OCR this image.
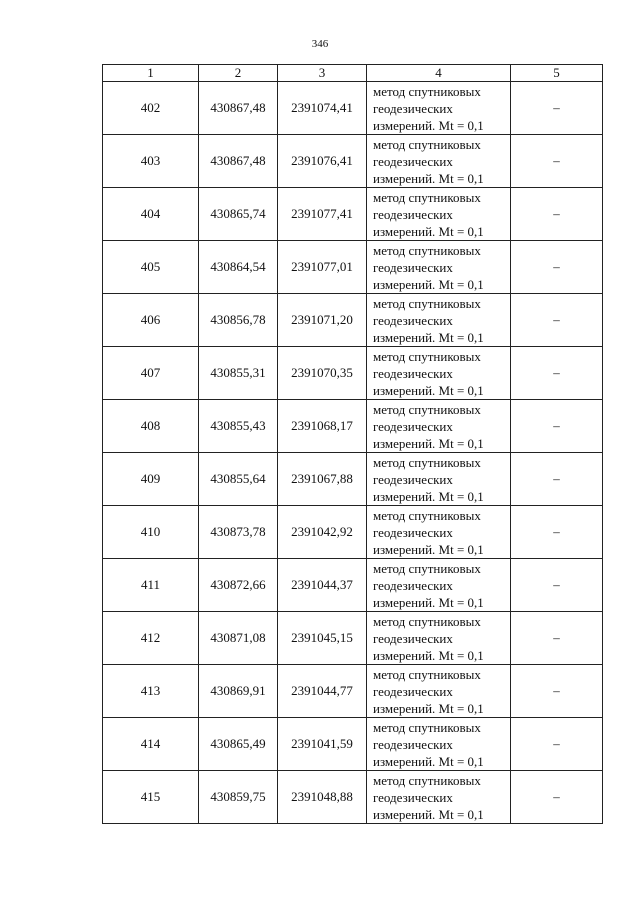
346
1	2	3	4	5
402	430867,48	2391074,41	метод спутниковых
геодезических
измерений. Mt = 0,1	–
403	430867,48	2391076,41	метод спутниковых
геодезических
измерений. Mt = 0,1	–
404	430865,74	2391077,41	метод спутниковых
геодезических
измерений. Mt = 0,1	–
405	430864,54	2391077,01	метод спутниковых
геодезических
измерений. Mt = 0,1	–
406	430856,78	2391071,20	метод спутниковых
геодезических
измерений. Mt = 0,1	–
407	430855,31	2391070,35	метод спутниковых
геодезических
измерений. Mt = 0,1	–
408	430855,43	2391068,17	метод спутниковых
геодезических
измерений. Mt = 0,1	–
409	430855,64	2391067,88	метод спутниковых
геодезических
измерений. Mt = 0,1	–
410	430873,78	2391042,92	метод спутниковых
геодезических
измерений. Mt = 0,1	–
411	430872,66	2391044,37	метод спутниковых
геодезических
измерений. Mt = 0,1	–
412	430871,08	2391045,15	метод спутниковых
геодезических
измерений. Mt = 0,1	–
413	430869,91	2391044,77	метод спутниковых
геодезических
измерений. Mt = 0,1	–
414	430865,49	2391041,59	метод спутниковых
геодезических
измерений. Mt = 0,1	–
415	430859,75	2391048,88	метод спутниковых
геодезических
измерений. Mt = 0,1	–
